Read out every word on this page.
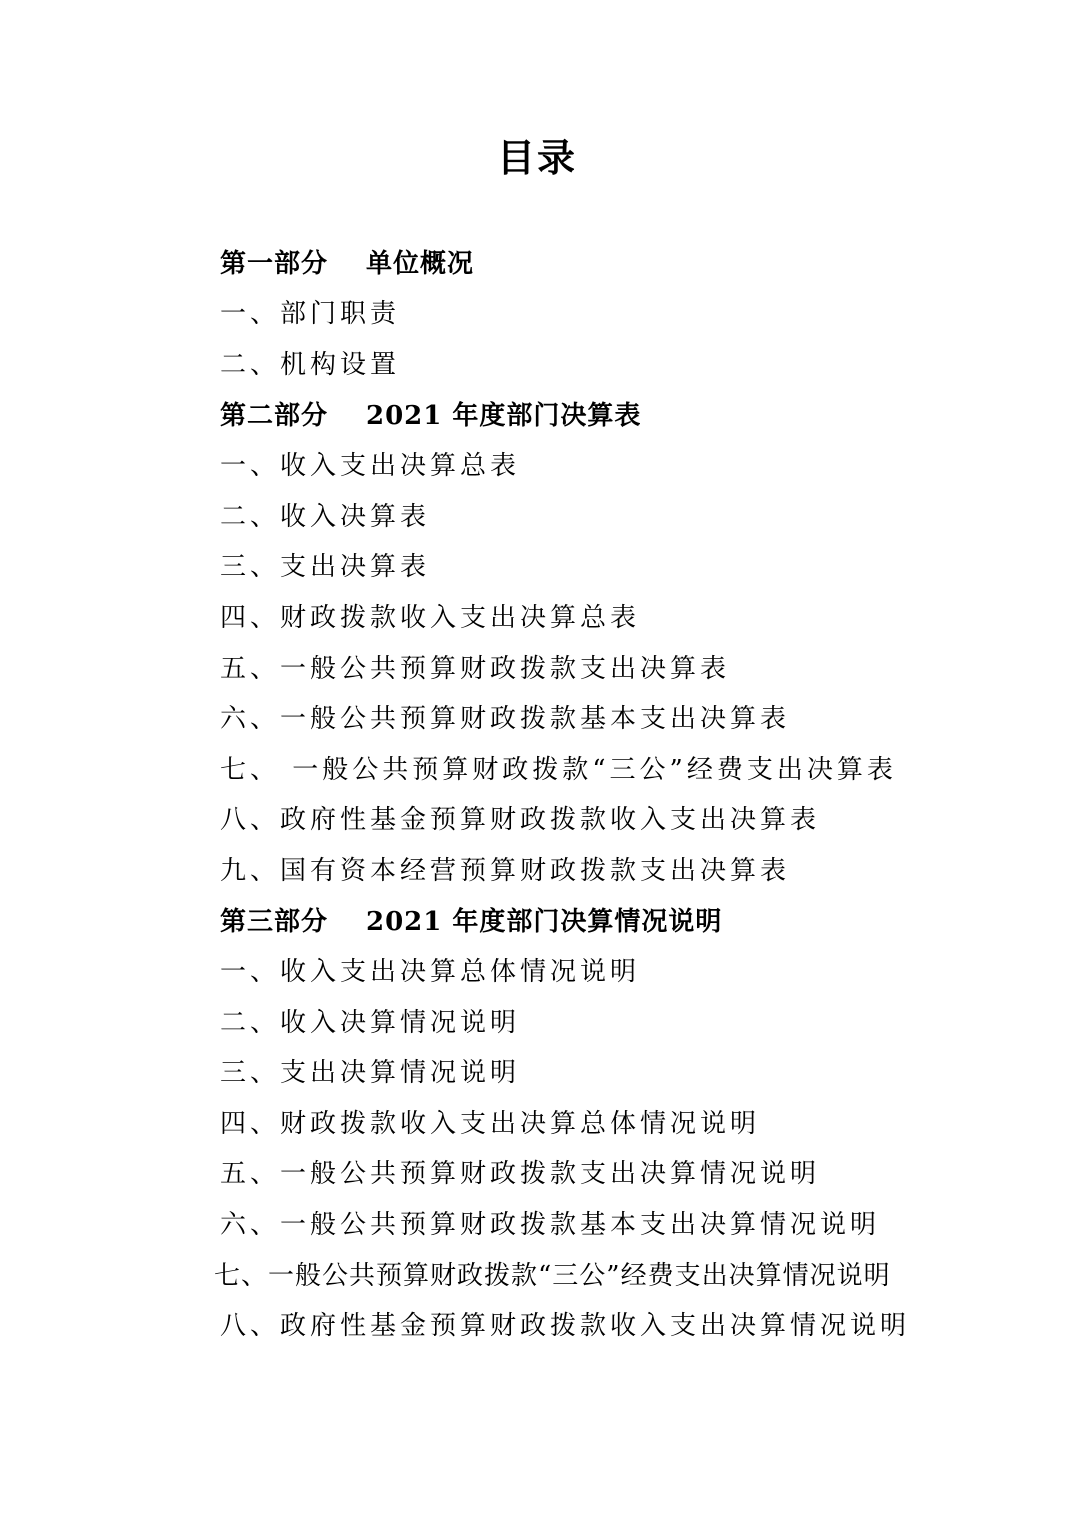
目录
第一部分	单位概况
一、部门职责
二、机构设置
第二部分	2021 年度部门决算表
一、收入支出决算总表
二、收入决算表
三、支出决算表
四、财政拨款收入支出决算总表
五、一般公共预算财政拨款支出决算表
六、一般公共预算财政拨款基本支出决算表
七、 一般公共预算财政拨款“三公”经费支出决算表
八、政府性基金预算财政拨款收入支出决算表
九、国有资本经营预算财政拨款支出决算表
第三部分	2021 年度部门决算情况说明
一、收入支出决算总体情况说明
二、收入决算情况说明
三、支出决算情况说明
四、财政拨款收入支出决算总体情况说明
五、一般公共预算财政拨款支出决算情况说明
六、一般公共预算财政拨款基本支出决算情况说明
七、一般公共预算财政拨款“三公”经费支出决算情况说明
八、政府性基金预算财政拨款收入支出决算情况说明
